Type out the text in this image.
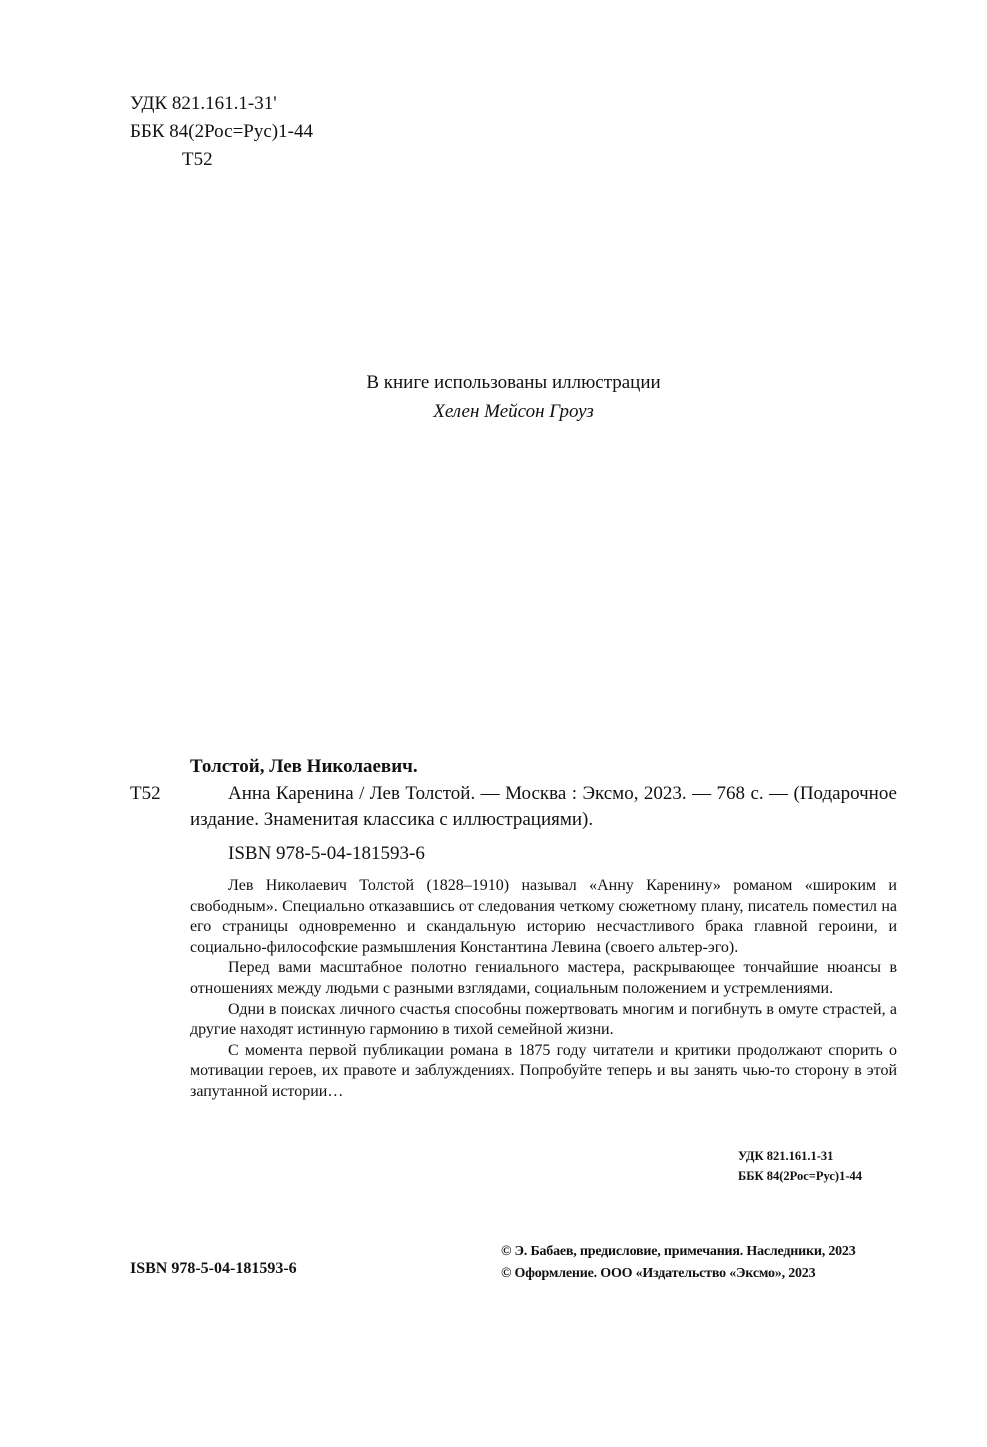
УДК 821.161.1-31'
ББК 84(2Рос=Рус)1-44
Т52
В книге использованы иллюстрации
Хелен Мейсон Гроуз
Толстой, Лев Николаевич.
Т52	Анна Каренина / Лев Толстой. — Москва : Эксмо, 2023. — 768 с. — (Подарочное издание. Знаменитая классика с иллюстрациями).
ISBN 978-5-04-181593-6

Лев Николаевич Толстой (1828–1910) называл «Анну Каренину» романом «широким и свободным». Специально отказавшись от следования четкому сюжетному плану, писатель поместил на его страницы одновременно и скандальную историю несчастливого брака главной героини, и социально-философские размышления Константина Левина (своего альтер-эго).

Перед вами масштабное полотно гениального мастера, раскрывающее тончайшие нюансы в отношениях между людьми с разными взглядами, социальным положением и устремлениями.

Одни в поисках личного счастья способны пожертвовать многим и погибнуть в омуте страстей, а другие находят истинную гармонию в тихой семейной жизни.

С момента первой публикации романа в 1875 году читатели и критики продолжают спорить о мотивации героев, их правоте и заблуждениях. Попробуйте теперь и вы занять чью-то сторону в этой запутанной истории…

УДК 821.161.1-31
ББК 84(2Рос=Рус)1-44
ISBN 978-5-04-181593-6
© Э. Бабаев, предисловие, примечания. Наследники, 2023
© Оформление. ООО «Издательство «Эксмо», 2023
